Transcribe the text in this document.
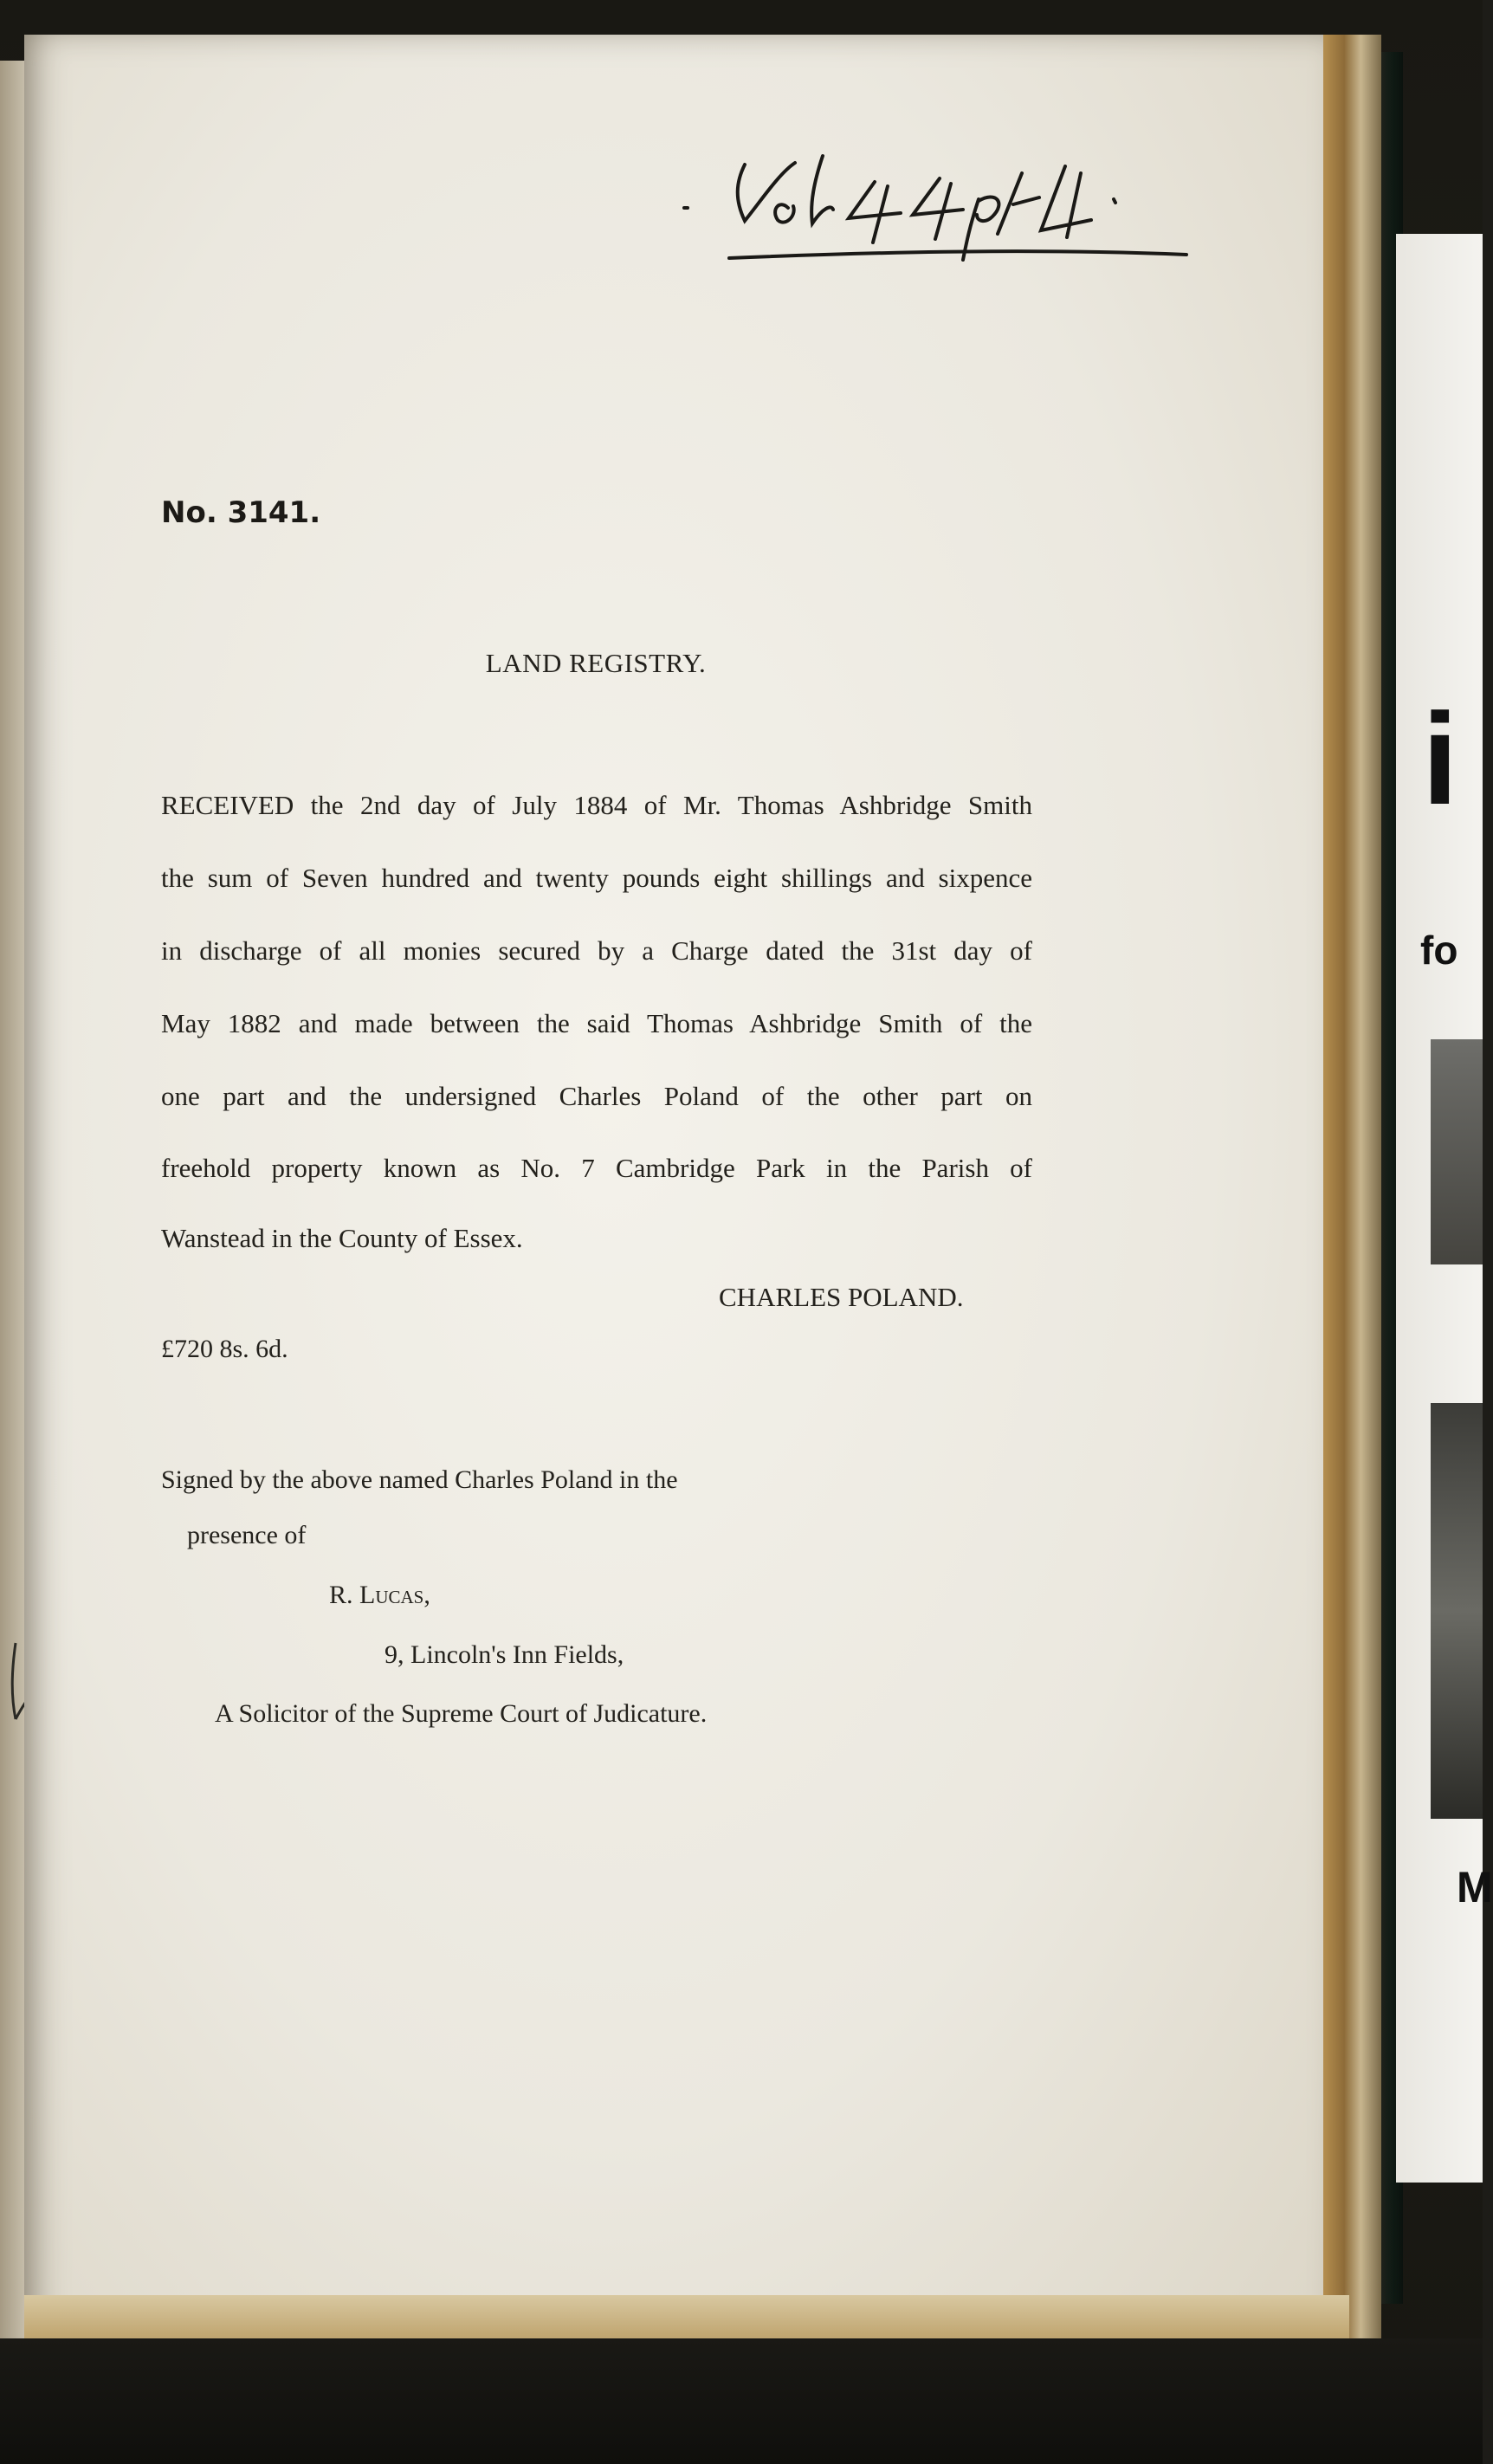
i
fo
M
No. 3141.
LAND REGISTRY.
RECEIVED the 2nd day of July 1884 of Mr. Thomas Ashbridge Smith
the sum of Seven hundred and twenty pounds eight shillings and sixpence
in discharge of all monies secured by a Charge dated the 31st day of
May 1882 and made between the said Thomas Ashbridge Smith of the
one part and the undersigned Charles Poland of the other part on
freehold property known as No. 7 Cambridge Park in the Parish of
Wanstead in the County of Essex.
CHARLES POLAND.
£720 8s. 6d.
Signed by the above named Charles Poland in the
presence of
R. Lucas,
9, Lincoln's Inn Fields,
A Solicitor of the Supreme Court of Judicature.
